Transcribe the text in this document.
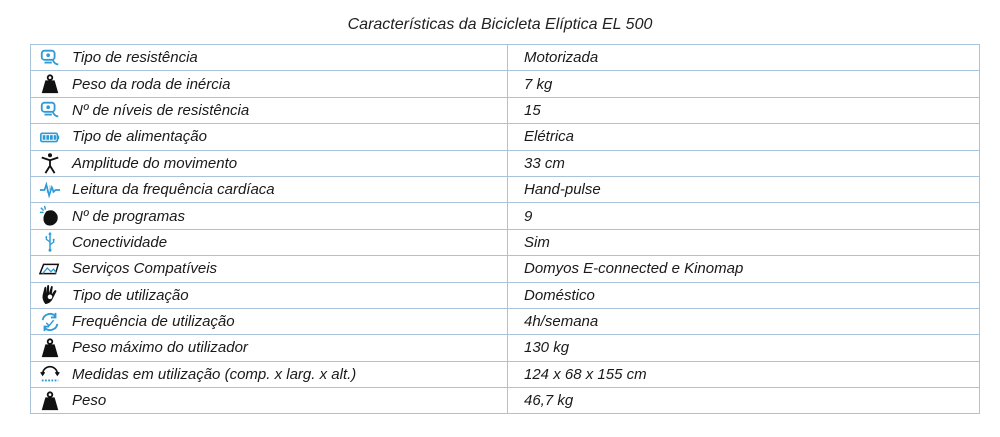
Características da Bicicleta Elíptica EL 500
Tipo de resistência	Motorizada

Peso da roda de inércia	7 kg

Nº de níveis de resistência	15

Tipo de alimentação	Elétrica

Amplitude do movimento	33 cm

Leitura da frequência cardíaca	Hand-pulse

Nº de programas	9

Conectividade	Sim

Serviços Compatíveis	Domyos E-connected e Kinomap

Tipo de utilização	Doméstico

Frequência de utilização	4h/semana

Peso máximo do utilizador	130 kg

Medidas em utilização (comp. x larg. x alt.)	124 x 68 x 155 cm

Peso	46,7 kg
